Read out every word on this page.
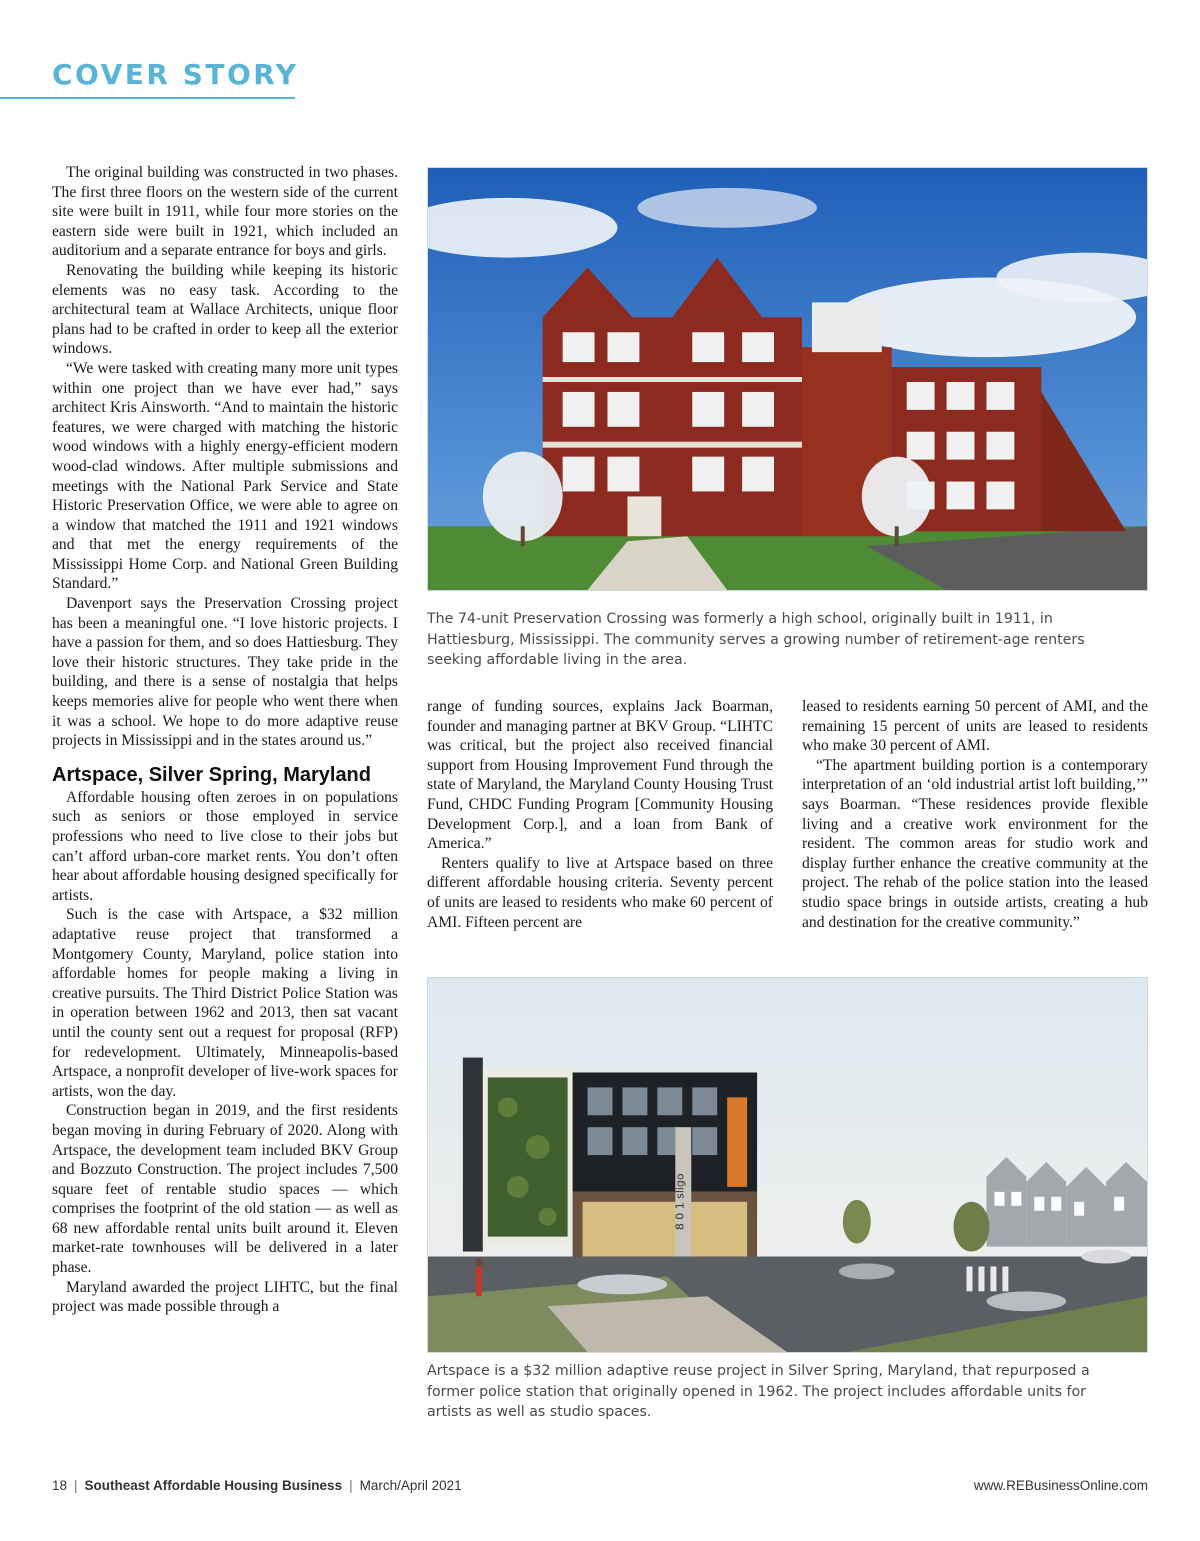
COVER STORY

The original building was constructed in two phases. The first three floors on the western side of the current site were built in 1911, while four more stories on the eastern side were built in 1921, which included an auditorium and a separate entrance for boys and girls.

Renovating the building while keeping its historic elements was no easy task. According to the architectural team at Wallace Architects, unique floor plans had to be crafted in order to keep all the exterior windows.

“We were tasked with creating many more unit types within one project than we have ever had,” says architect Kris Ainsworth. “And to maintain the historic features, we were charged with matching the historic wood windows with a highly energy-efficient modern wood-clad windows. After multiple submissions and meetings with the National Park Service and State Historic Preservation Office, we were able to agree on a window that matched the 1911 and 1921 windows and that met the energy requirements of the Mississippi Home Corp. and National Green Building Standard.”

Davenport says the Preservation Crossing project has been a meaningful one. “I love historic projects. I have a passion for them, and so does Hattiesburg. They love their historic structures. They take pride in the building, and there is a sense of nostalgia that helps keeps memories alive for people who went there when it was a school. We hope to do more adaptive reuse projects in Mississippi and in the states around us.”

Artspace, Silver Spring, Maryland

Affordable housing often zeroes in on populations such as seniors or those employed in service professions who need to live close to their jobs but can’t afford urban-core market rents. You don’t often hear about affordable housing designed specifically for artists.

Such is the case with Artspace, a $32 million adaptative reuse project that transformed a Montgomery County, Maryland, police station into affordable homes for people making a living in creative pursuits. The Third District Police Station was in operation between 1962 and 2013, then sat vacant until the county sent out a request for proposal (RFP) for redevelopment. Ultimately, Minneapolis-based Artspace, a nonprofit developer of live-work spaces for artists, won the day.

Construction began in 2019, and the first residents began moving in during February of 2020. Along with Artspace, the development team included BKV Group and Bozzuto Construction. The project includes 7,500 square feet of rentable studio spaces — which comprises the footprint of the old station — as well as 68 new affordable rental units built around it. Eleven market-rate townhouses will be delivered in a later phase.

Maryland awarded the project LIHTC, but the final project was made possible through a

The 74-unit Preservation Crossing was formerly a high school, originally built in 1911, in Hattiesburg, Mississippi. The community serves a growing number of retirement-age renters seeking affordable living in the area.

range of funding sources, explains Jack Boarman, founder and managing partner at BKV Group. “LIHTC was critical, but the project also received financial support from Housing Improvement Fund through the state of Maryland, the Maryland County Housing Trust Fund, CHDC Funding Program [Community Housing Development Corp.], and a loan from Bank of America.”

Renters qualify to live at Artspace based on three different affordable housing criteria. Seventy percent of units are leased to residents who make 60 percent of AMI. Fifteen percent are

leased to residents earning 50 percent of AMI, and the remaining 15 percent of units are leased to residents who make 30 percent of AMI.

“The apartment building portion is a contemporary interpretation of an ‘old industrial artist loft building,’” says Boarman. “These residences provide flexible living and a creative work environment for the resident. The common areas for studio work and display further enhance the creative community at the project. The rehab of the police station into the leased studio space brings in outside artists, creating a hub and destination for the creative community.”

8 0 1 sligo
Artspace is a $32 million adaptive reuse project in Silver Spring, Maryland, that repurposed a former police station that originally opened in 1962. The project includes affordable units for artists as well as studio spaces.
18 | Southeast Affordable Housing Business | March/April 2021	www.REBusinessOnline.com
